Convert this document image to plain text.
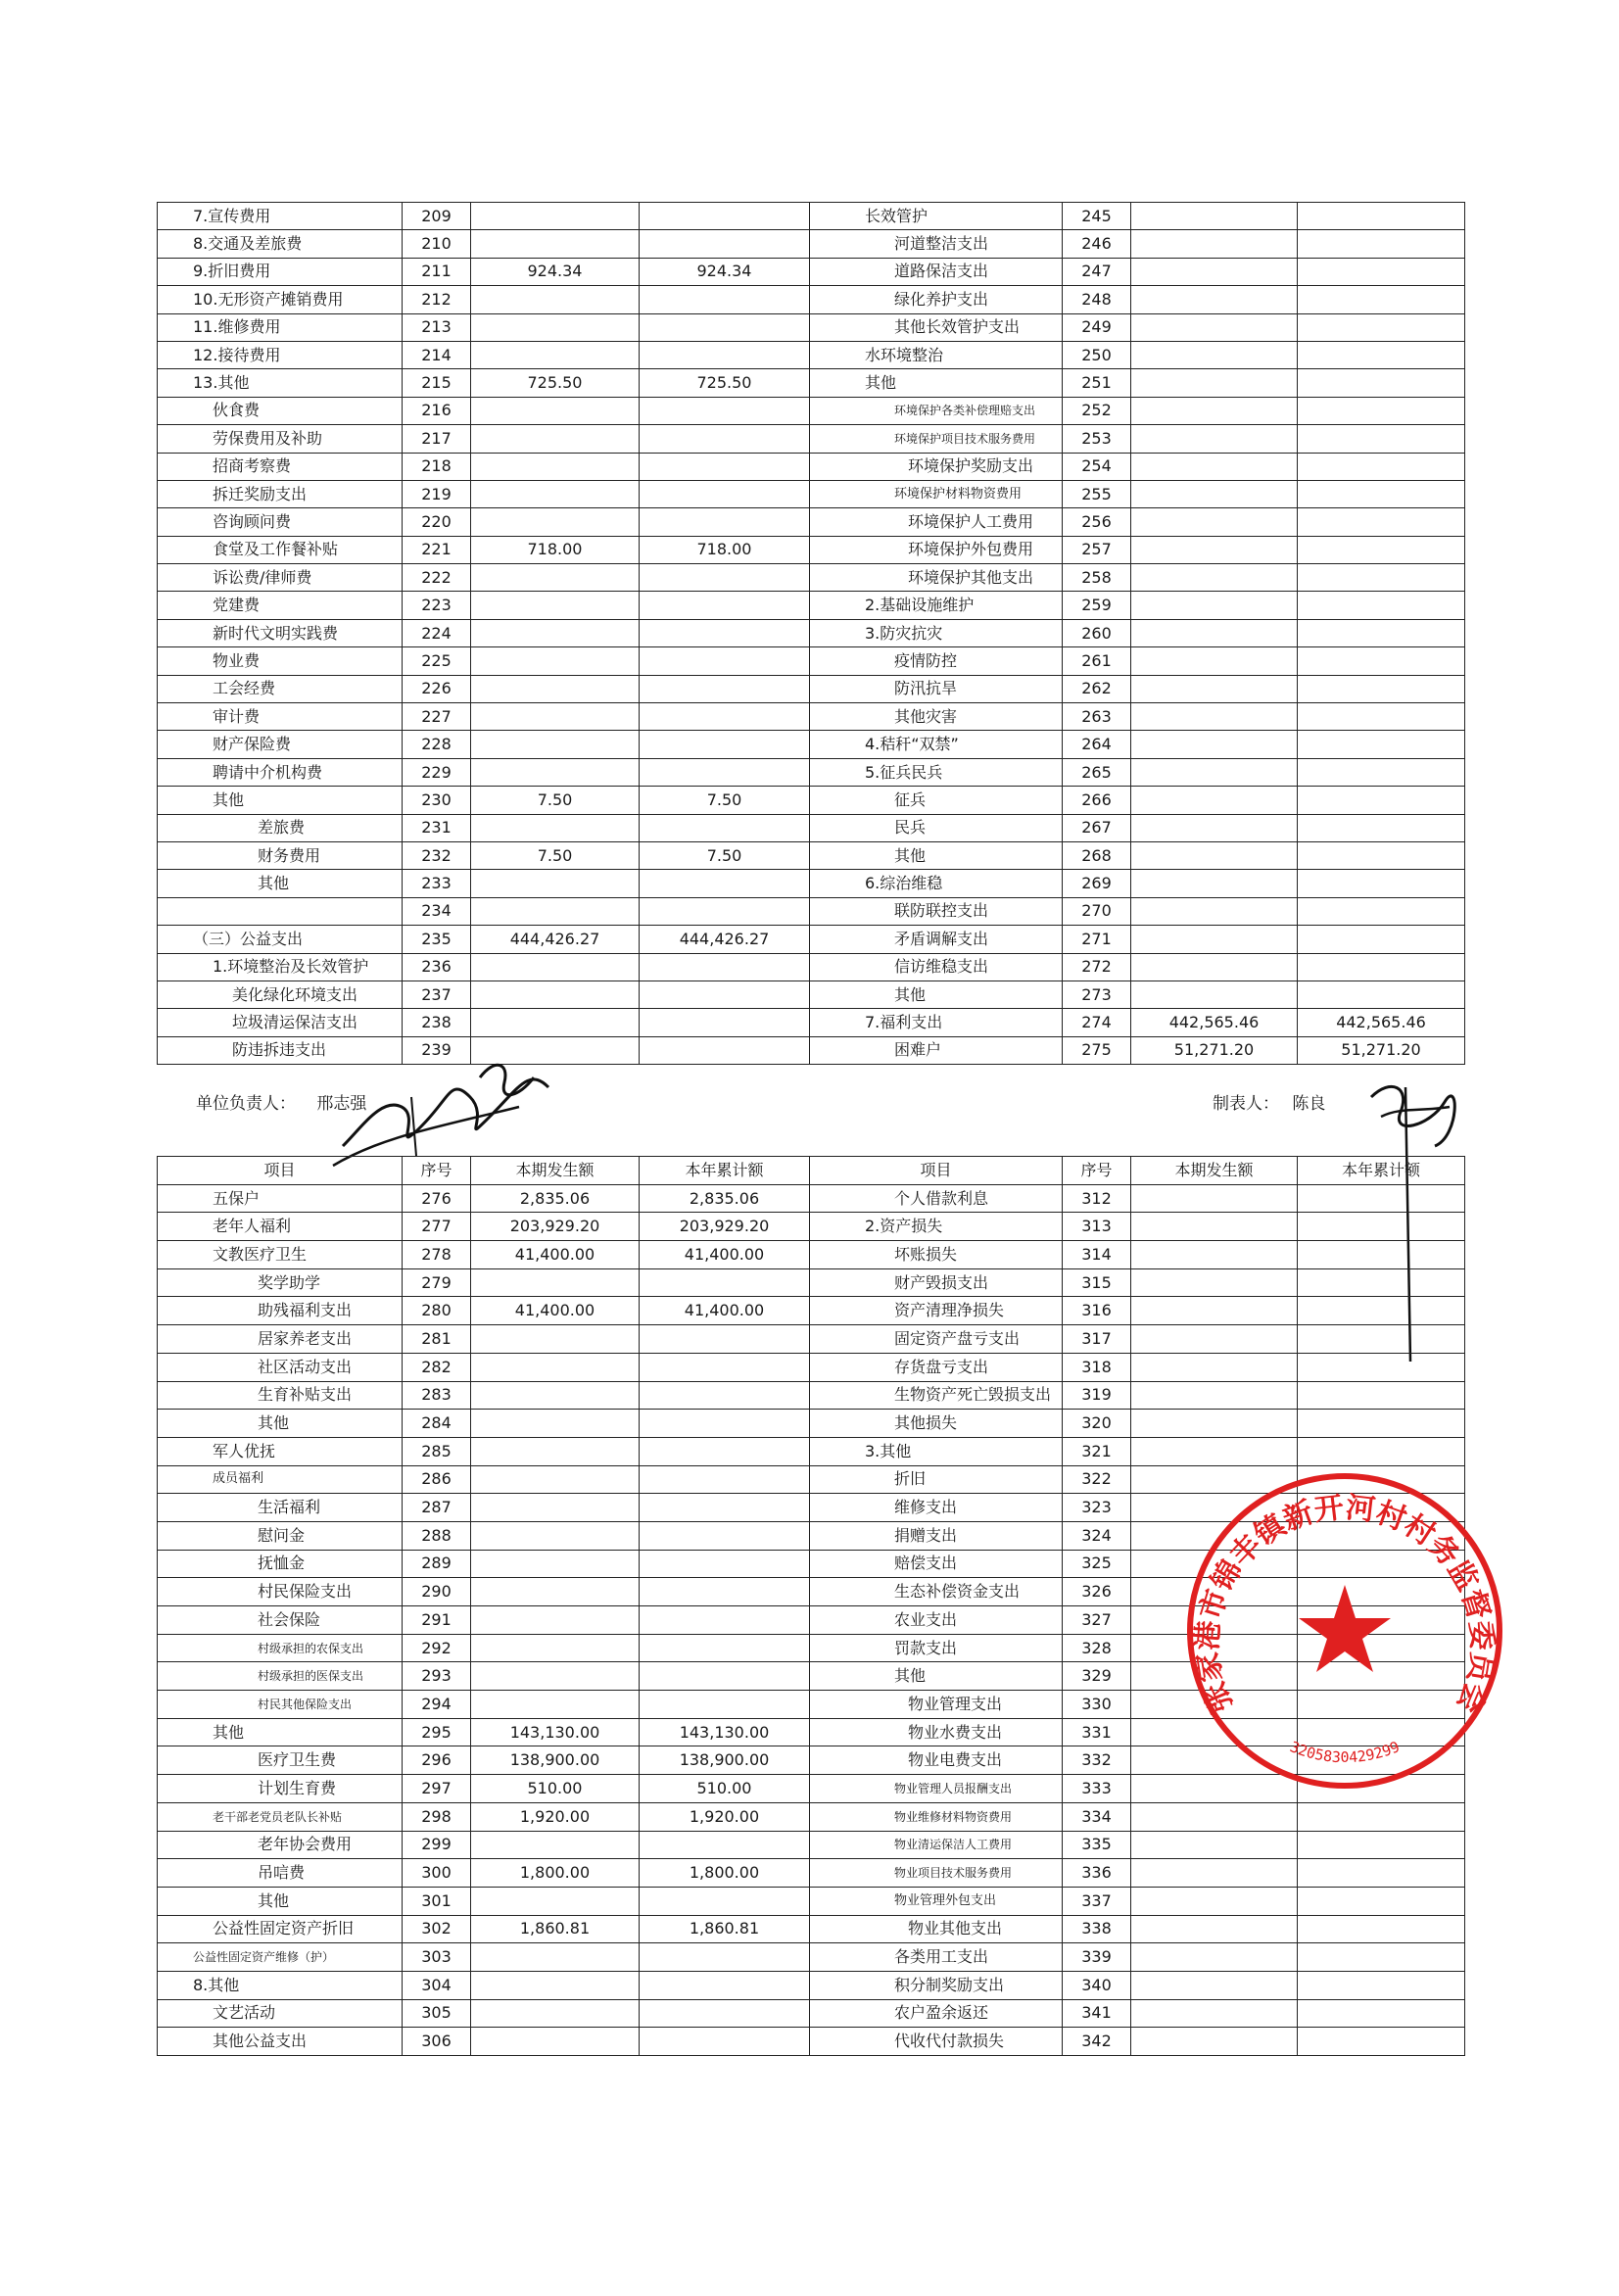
7.宣传费用	209			长效管护	245		
8.交通及差旅费	210			河道整洁支出	246		
9.折旧费用	211	924.34	924.34	道路保洁支出	247		
10.无形资产摊销费用	212			绿化养护支出	248		
11.维修费用	213			其他长效管护支出	249		
12.接待费用	214			水环境整治	250		
13.其他	215	725.50	725.50	其他	251		
伙食费	216			环境保护各类补偿理赔支出	252		
劳保费用及补助	217			环境保护项目技术服务费用	253		
招商考察费	218			环境保护奖励支出	254		
拆迁奖励支出	219			环境保护材料物资费用	255		
咨询顾问费	220			环境保护人工费用	256		
食堂及工作餐补贴	221	718.00	718.00	环境保护外包费用	257		
诉讼费/律师费	222			环境保护其他支出	258		
党建费	223			2.基础设施维护	259		
新时代文明实践费	224			3.防灾抗灾	260		
物业费	225			疫情防控	261		
工会经费	226			防汛抗旱	262		
审计费	227			其他灾害	263		
财产保险费	228			4.秸秆“双禁”	264		
聘请中介机构费	229			5.征兵民兵	265		
其他	230	7.50	7.50	征兵	266		
差旅费	231			民兵	267		
财务费用	232	7.50	7.50	其他	268		
其他	233			6.综治维稳	269		
	234			联防联控支出	270		
（三）公益支出	235	444,426.27	444,426.27	矛盾调解支出	271		
1.环境整治及长效管护	236			信访维稳支出	272		
美化绿化环境支出	237			其他	273		
垃圾清运保洁支出	238			7.福利支出	274	442,565.46	442,565.46
防违拆违支出	239			困难户	275	51,271.20	51,271.20
单位负责人： 邢志强	制表人： 陈良
项目	序号	本期发生额	本年累计额	项目	序号	本期发生额	本年累计额
五保户	276	2,835.06	2,835.06	个人借款利息	312		
老年人福利	277	203,929.20	203,929.20	2.资产损失	313		
文教医疗卫生	278	41,400.00	41,400.00	坏账损失	314		
奖学助学	279			财产毁损支出	315		
助残福利支出	280	41,400.00	41,400.00	资产清理净损失	316		
居家养老支出	281			固定资产盘亏支出	317		
社区活动支出	282			存货盘亏支出	318		
生育补贴支出	283			生物资产死亡毁损支出	319		
其他	284			其他损失	320		
军人优抚	285			3.其他	321		
成员福利	286			折旧	322		
生活福利	287			维修支出	323		
慰问金	288			捐赠支出	324		
抚恤金	289			赔偿支出	325		
村民保险支出	290			生态补偿资金支出	326		
社会保险	291			农业支出	327		
村级承担的农保支出	292			罚款支出	328		
村级承担的医保支出	293			其他	329		
村民其他保险支出	294			物业管理支出	330		
其他	295	143,130.00	143,130.00	物业水费支出	331		
医疗卫生费	296	138,900.00	138,900.00	物业电费支出	332		
计划生育费	297	510.00	510.00	物业管理人员报酬支出	333		
老干部老党员老队长补贴	298	1,920.00	1,920.00	物业维修材料物资费用	334		
老年协会费用	299			物业清运保洁人工费用	335		
吊唁费	300	1,800.00	1,800.00	物业项目技术服务费用	336		
其他	301			物业管理外包支出	337		
公益性固定资产折旧	302	1,860.81	1,860.81	物业其他支出	338		
公益性固定资产维修（护）	303			各类用工支出	339		
8.其他	304			积分制奖励支出	340		
文艺活动	305			农户盈余返还	341		
其他公益支出	306			代收代付款损失	342		
张家港市锦丰镇新开河村村务监督委员会
3205830429299
